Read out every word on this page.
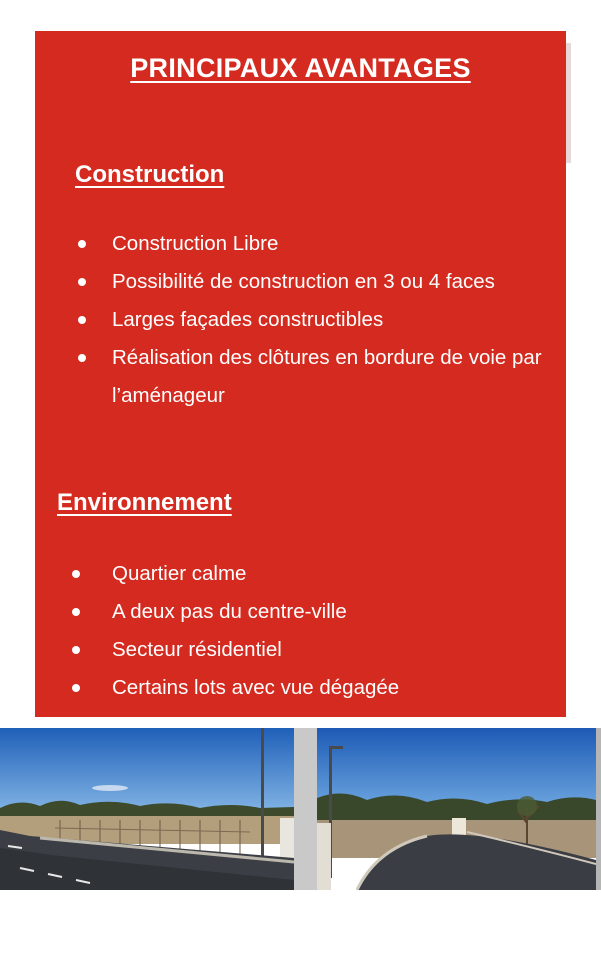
PRINCIPAUX AVANTAGES
Construction
Construction Libre
Possibilité de construction en 3 ou 4 faces
Larges façades constructibles
Réalisation des clôtures en bordure de voie par l’aménageur
Environnement
Quartier calme
A deux pas du centre-ville
Secteur résidentiel
Certains lots avec vue dégagée
